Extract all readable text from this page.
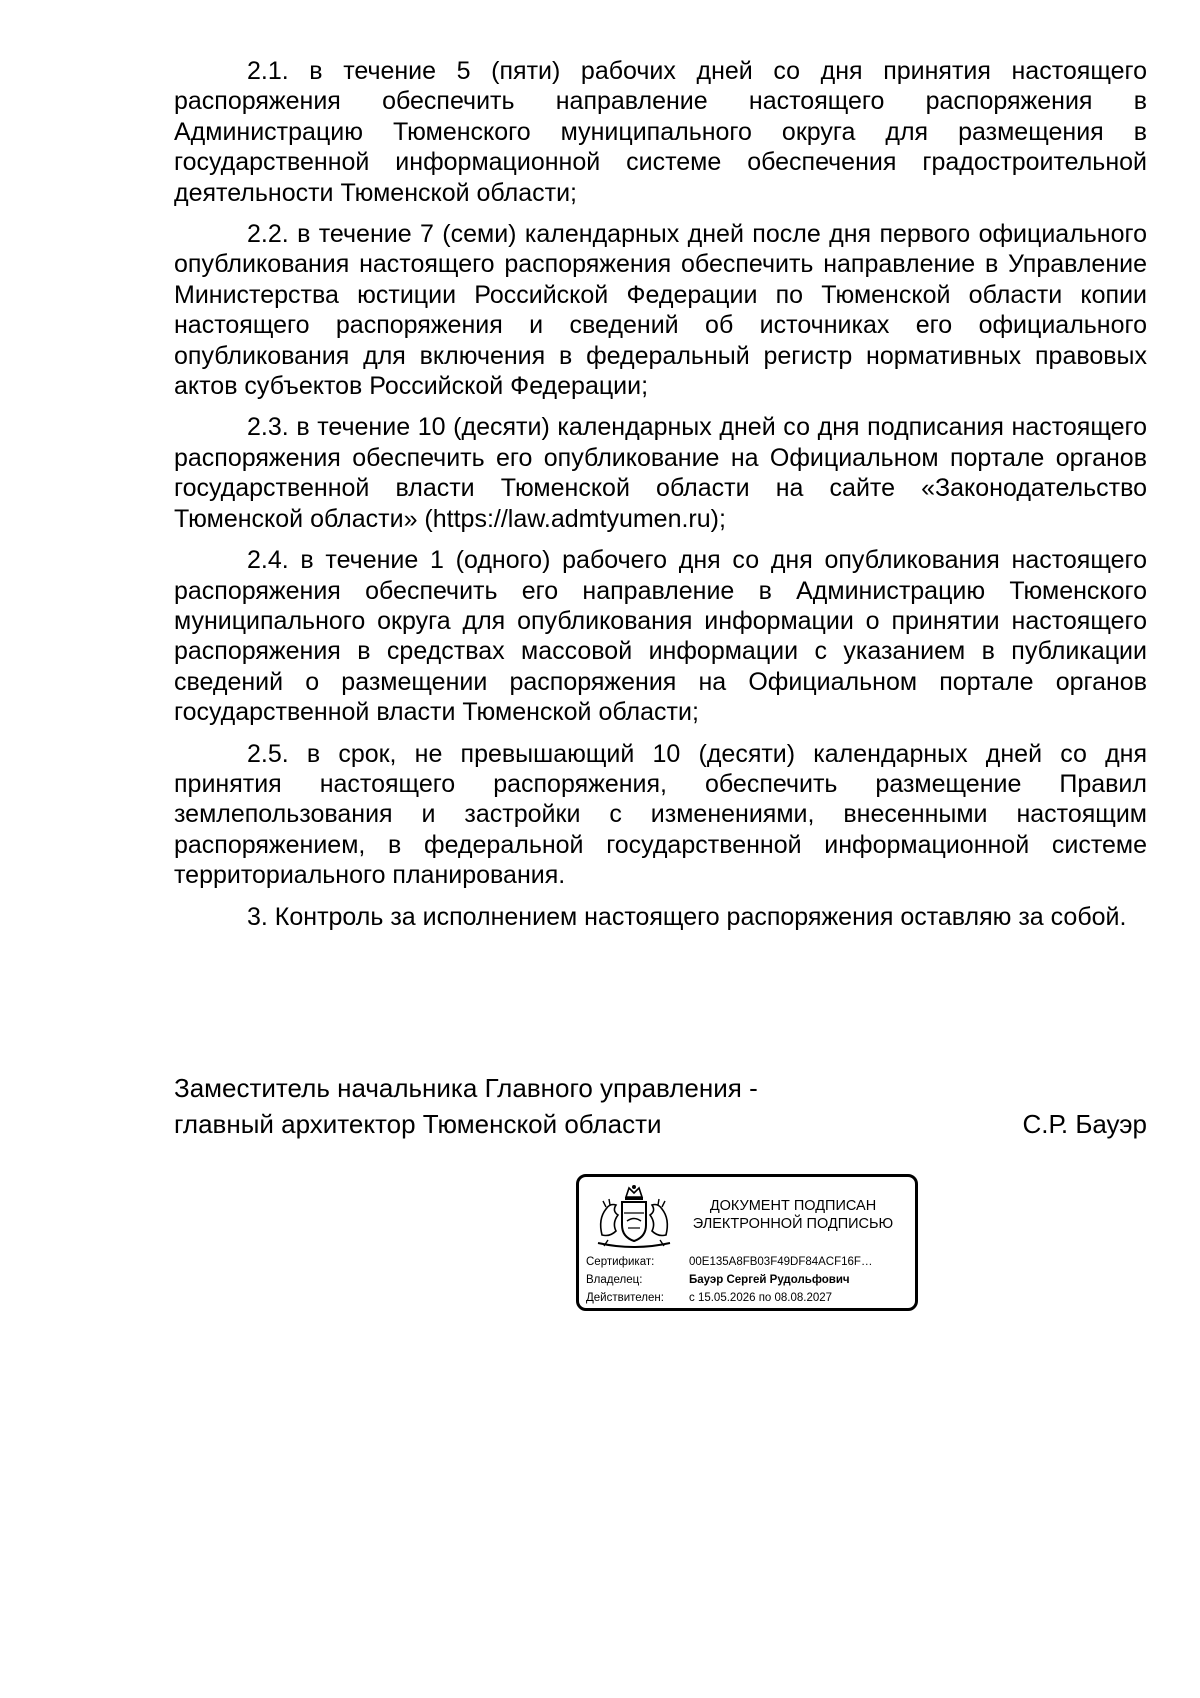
2.1. в течение 5 (пяти) рабочих дней со дня принятия настоящего распоряжения обеспечить направление настоящего распоряжения в Администрацию Тюменского муниципального округа для размещения в государственной информационной системе обеспечения градостроительной деятельности Тюменской области;

2.2. в течение 7 (семи) календарных дней после дня первого официального опубликования настоящего распоряжения обеспечить направление в Управление Министерства юстиции Российской Федерации по Тюменской области копии настоящего распоряжения и сведений об источниках его официального опубликования для включения в федеральный регистр нормативных правовых актов субъектов Российской Федерации;

2.3. в течение 10 (десяти) календарных дней со дня подписания настоящего распоряжения обеспечить его опубликование на Официальном портале органов государственной власти Тюменской области на сайте «Законодательство Тюменской области» (https://law.admtyumen.ru);

2.4. в течение 1 (одного) рабочего дня со дня опубликования настоящего распоряжения обеспечить его направление в Администрацию Тюменского муниципального округа для опубликования информации о принятии настоящего распоряжения в средствах массовой информации с указанием в публикации сведений о размещении распоряжения на Официальном портале органов государственной власти Тюменской области;

2.5. в срок, не превышающий 10 (десяти) календарных дней со дня принятия настоящего распоряжения, обеспечить размещение Правил землепользования и застройки с изменениями, внесенными настоящим распоряжением, в федеральной государственной информационной системе территориального планирования.

3. Контроль за исполнением настоящего распоряжения оставляю за собой.

Заместитель начальника Главного управления -
главный архитектор Тюменской области	С.Р. Бауэр
ДОКУМЕНТ ПОДПИСАН
ЭЛЕКТРОННОЙ ПОДПИСЬЮ
Сертификат:	00E135A8FB03F49DF84ACF16F…
Владелец:	Бауэр Сергей Рудольфович
Действителен:	с 15.05.2026 по 08.08.2027
